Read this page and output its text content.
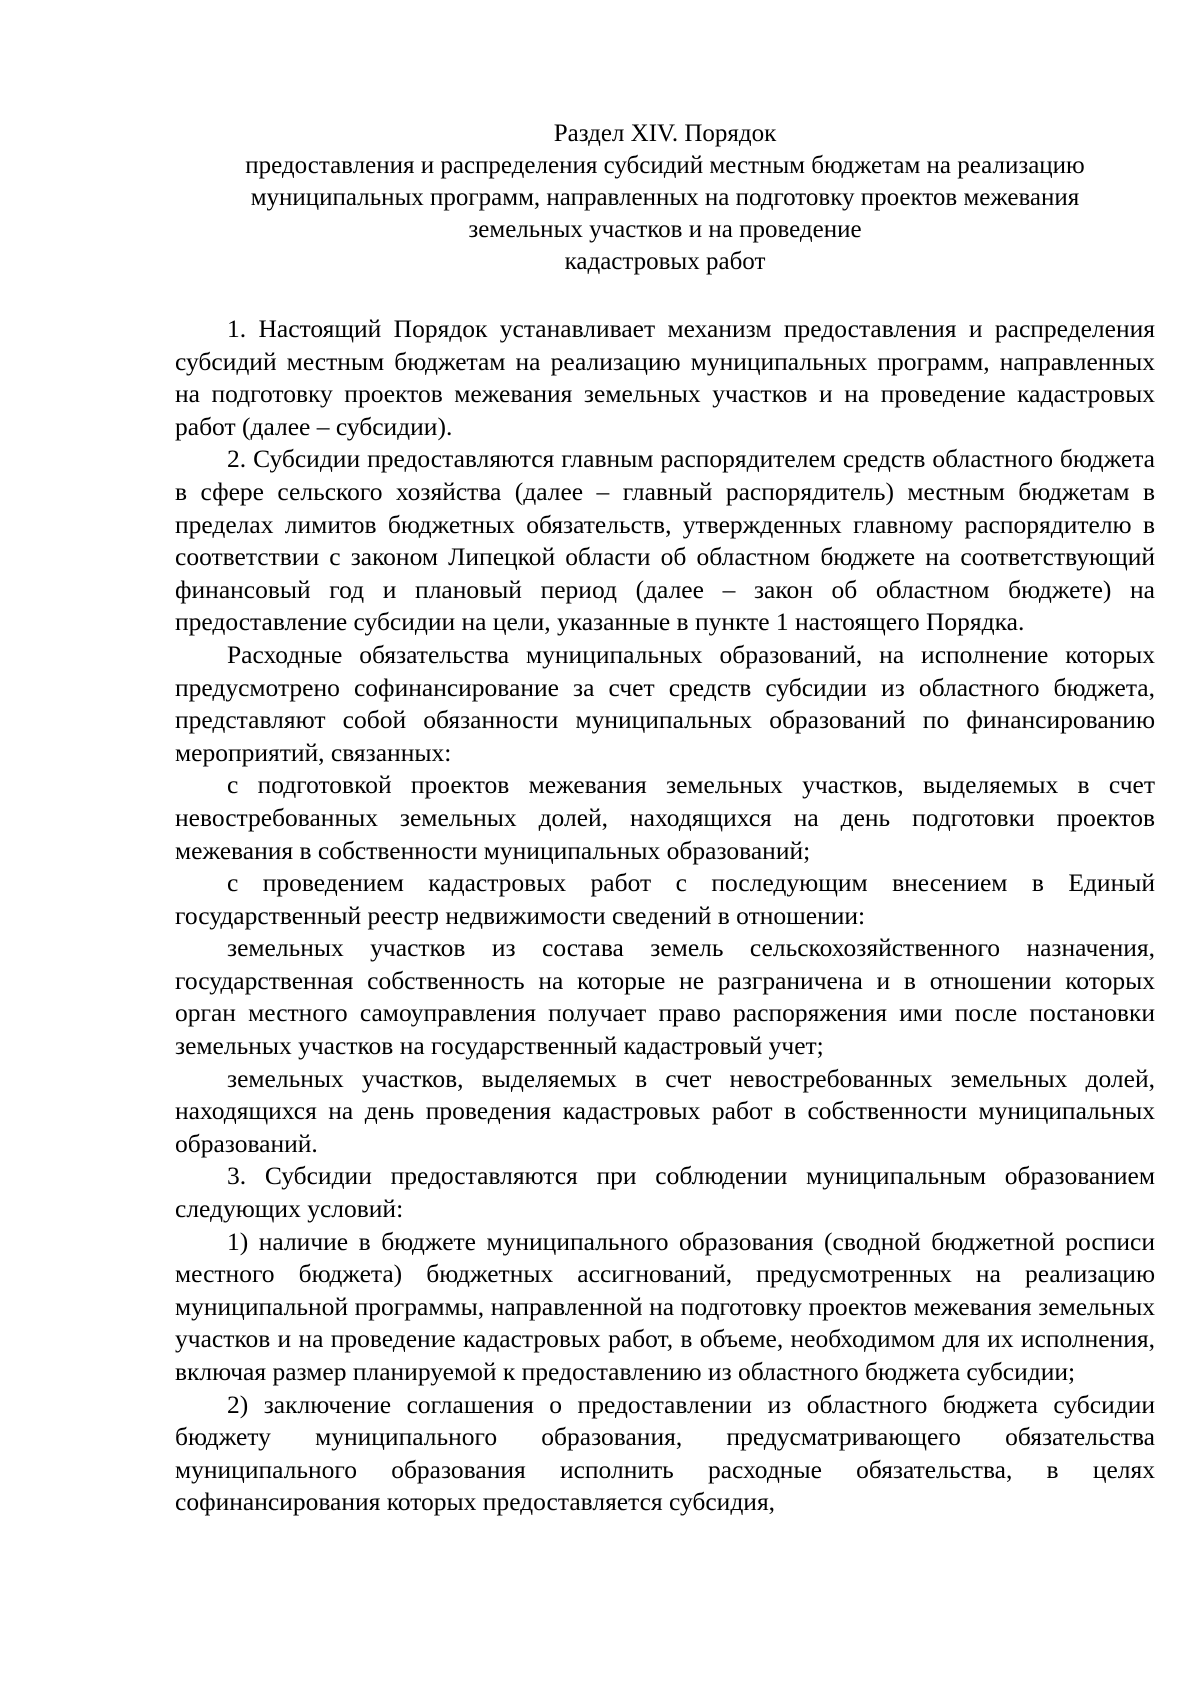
Раздел XIV. Порядок
предоставления и распределения субсидий местным бюджетам на реализацию
муниципальных программ, направленных на подготовку проектов межевания
земельных участков и на проведение
кадастровых работ

1. Настоящий Порядок устанавливает механизм предоставления и распределения субсидий местным бюджетам на реализацию муниципальных программ, направленных на подготовку проектов межевания земельных участков и на проведение кадастровых работ (далее – субсидии).

2. Субсидии предоставляются главным распорядителем средств областного бюджета в сфере сельского хозяйства (далее – главный распорядитель) местным бюджетам в пределах лимитов бюджетных обязательств, утвержденных главному распорядителю в соответствии с законом Липецкой области об областном бюджете на соответствующий финансовый год и плановый период (далее – закон об областном бюджете) на предоставление субсидии на цели, указанные в пункте 1 настоящего Порядка.

Расходные обязательства муниципальных образований, на исполнение которых предусмотрено софинансирование за счет средств субсидии из областного бюджета, представляют собой обязанности муниципальных образований по финансированию мероприятий, связанных:

с подготовкой проектов межевания земельных участков, выделяемых в счет невостребованных земельных долей, находящихся на день подготовки проектов межевания в собственности муниципальных образований;

с проведением кадастровых работ с последующим внесением в Единый государственный реестр недвижимости сведений в отношении:

земельных участков из состава земель сельскохозяйственного назначения, государственная собственность на которые не разграничена и в отношении которых орган местного самоуправления получает право распоряжения ими после постановки земельных участков на государственный кадастровый учет;

земельных участков, выделяемых в счет невостребованных земельных долей, находящихся на день проведения кадастровых работ в собственности муниципальных образований.

3. Субсидии предоставляются при соблюдении муниципальным образованием следующих условий:

1) наличие в бюджете муниципального образования (сводной бюджетной росписи местного бюджета) бюджетных ассигнований, предусмотренных на реализацию муниципальной программы, направленной на подготовку проектов межевания земельных участков и на проведение кадастровых работ, в объеме, необходимом для их исполнения, включая размер планируемой к предоставлению из областного бюджета субсидии;

2) заключение соглашения о предоставлении из областного бюджета субсидии бюджету муниципального образования, предусматривающего обязательства муниципального образования исполнить расходные обязательства, в целях софинансирования которых предоставляется субсидия,
